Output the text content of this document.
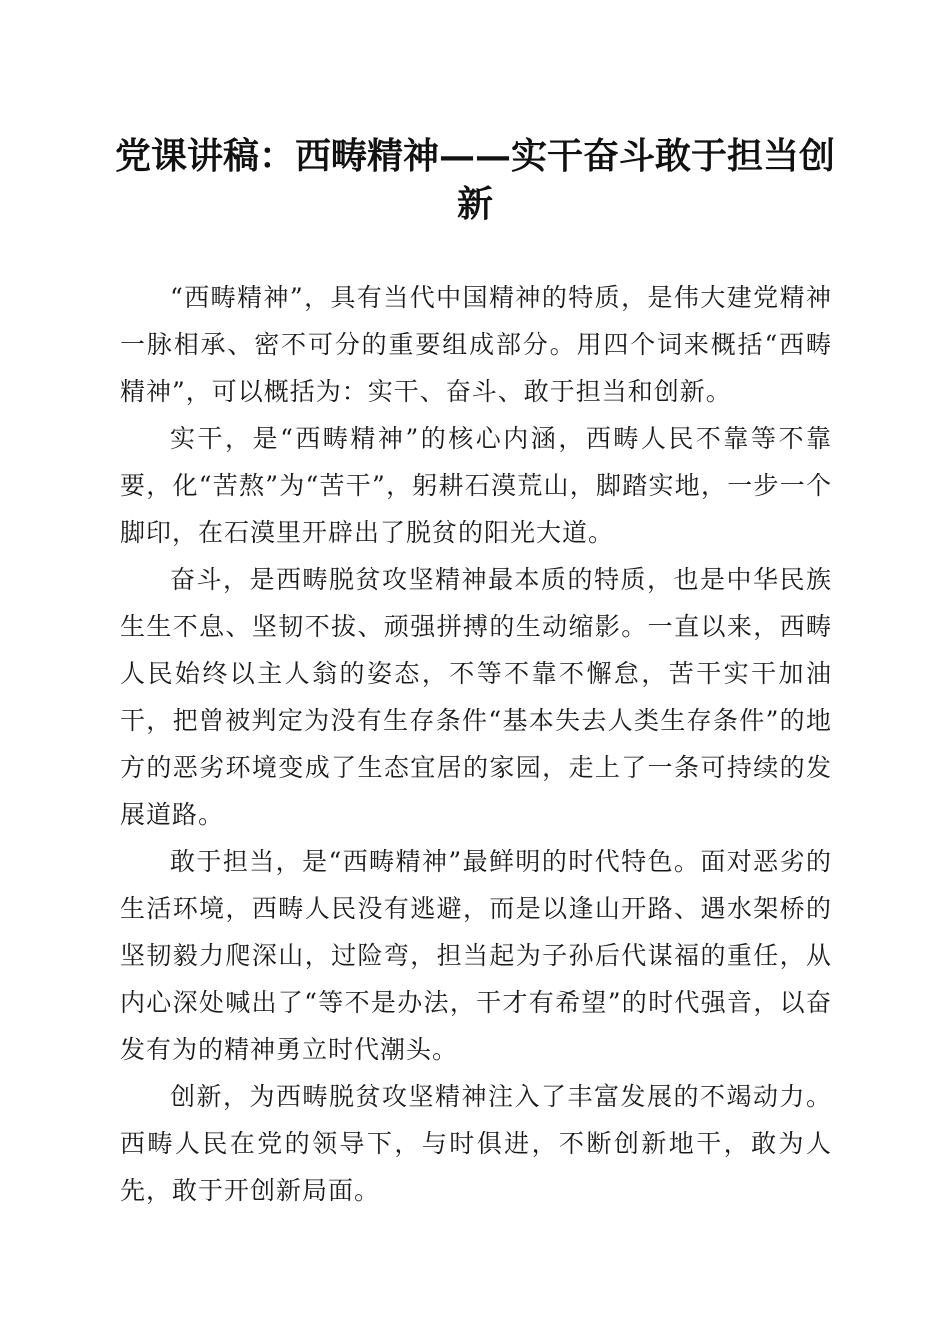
党课讲稿：西畴精神——实干奋斗敢于担当创新

“西畴精神”，具有当代中国精神的特质，是伟大建党精神一脉相承、密不可分的重要组成部分。用四个词来概括“西畴精神”，可以概括为：实干、奋斗、敢于担当和创新。

实干，是“西畴精神”的核心内涵，西畴人民不靠等不靠要，化“苦熬”为“苦干”，躬耕石漠荒山，脚踏实地，一步一个脚印，在石漠里开辟出了脱贫的阳光大道。

奋斗，是西畴脱贫攻坚精神最本质的特质，也是中华民族生生不息、坚韧不拔、顽强拼搏的生动缩影。一直以来，西畴人民始终以主人翁的姿态，不等不靠不懈怠，苦干实干加油干，把曾被判定为没有生存条件“基本失去人类生存条件”的地方的恶劣环境变成了生态宜居的家园，走上了一条可持续的发展道路。

敢于担当，是“西畴精神”最鲜明的时代特色。面对恶劣的生活环境，西畴人民没有逃避，而是以逢山开路、遇水架桥的坚韧毅力爬深山，过险弯，担当起为子孙后代谋福的重任，从内心深处喊出了“等不是办法，干才有希望”的时代强音，以奋发有为的精神勇立时代潮头。

创新，为西畴脱贫攻坚精神注入了丰富发展的不竭动力。西畴人民在党的领导下，与时俱进，不断创新地干，敢为人先，敢于开创新局面。
